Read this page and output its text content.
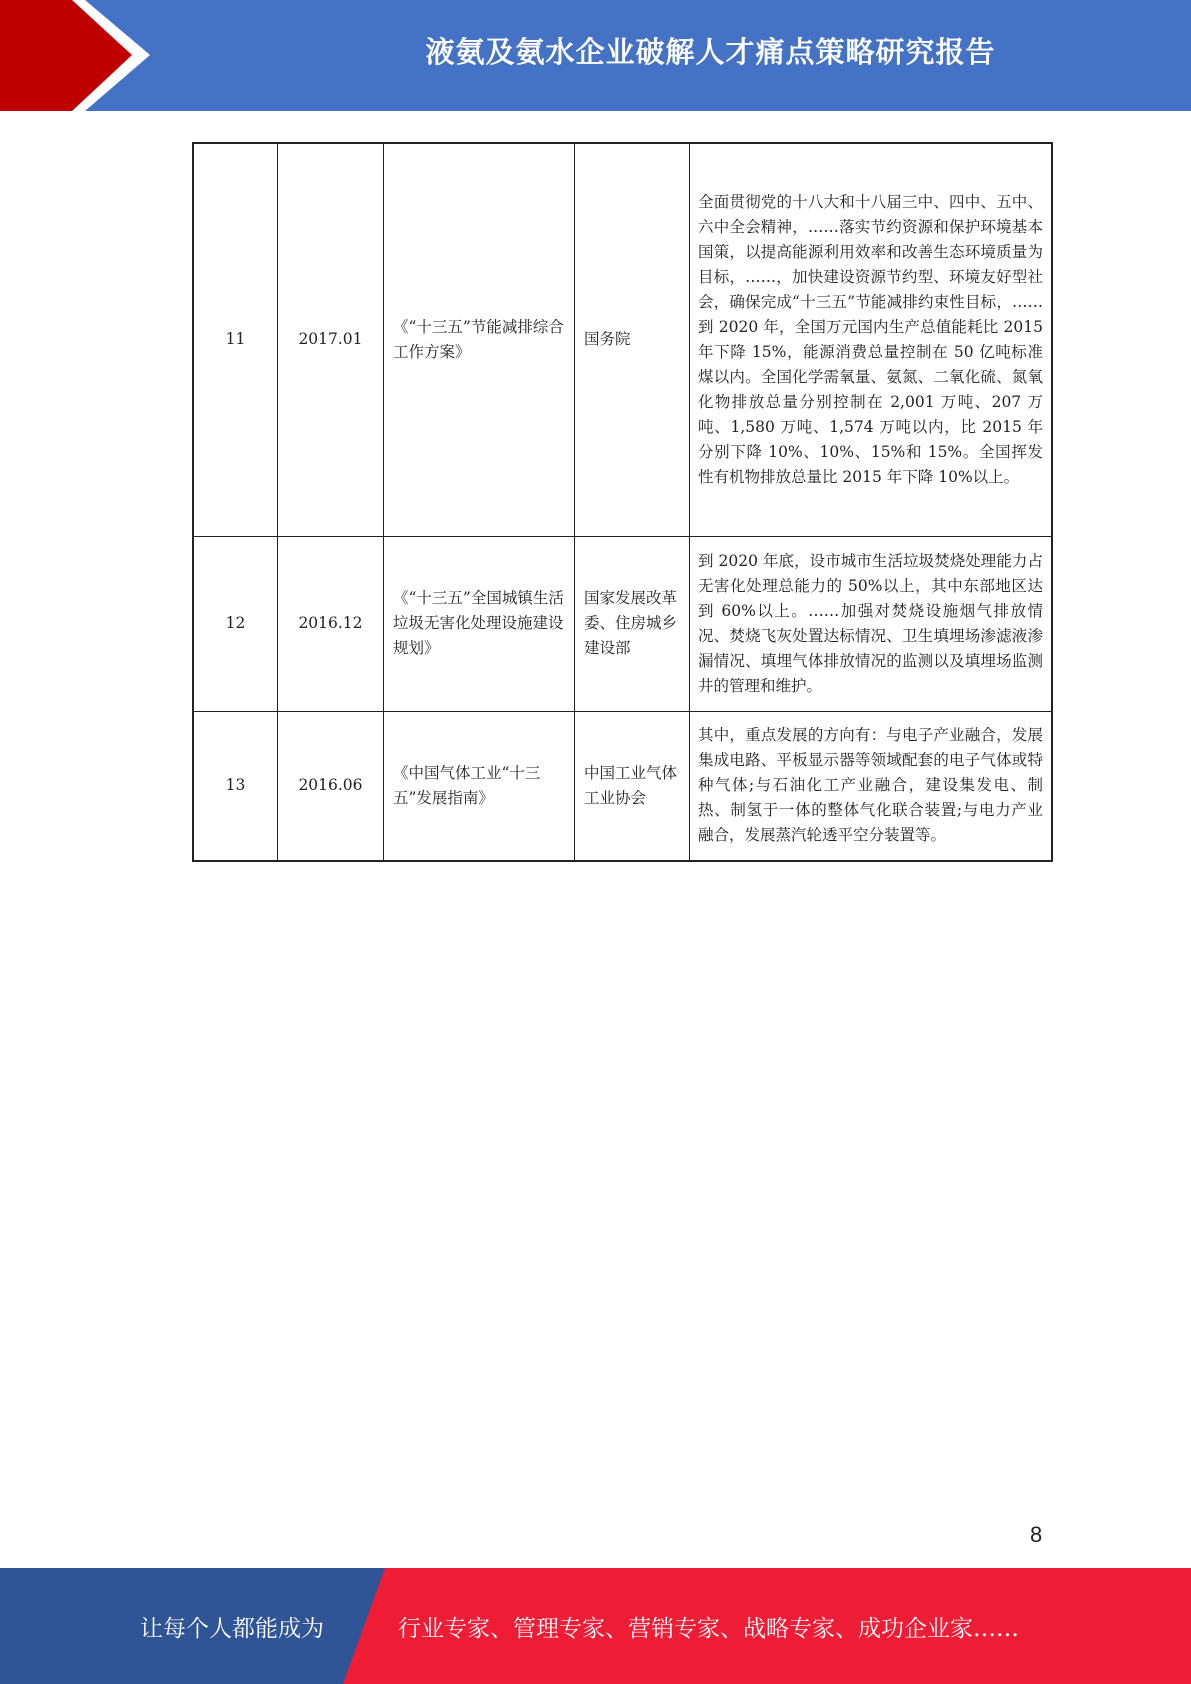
液氨及氨水企业破解人才痛点策略研究报告
11	2017.01	《“十三五”节能减排综合工作方案》	国务院	全面贯彻党的十八大和十八届三中、四中、五中、六中全会精神，……落实节约资源和保护环境基本国策，以提高能源利用效率和改善生态环境质量为目标，……，加快建设资源节约型、环境友好型社会，确保完成“十三五”节能减排约束性目标，……到 2020 年，全国万元国内生产总值能耗比 2015 年下降 15%，能源消费总量控制在 50 亿吨标准煤以内。全国化学需氧量、氨氮、二氧化硫、氮氧化物排放总量分别控制在 2,001 万吨、207 万吨、1,580 万吨、1,574 万吨以内，比 2015 年分别下降 10%、10%、15%和 15%。全国挥发性有机物排放总量比 2015 年下降 10%以上。
12	2016.12	《“十三五”全国城镇生活垃圾无害化处理设施建设规划》	国家发展改革委、住房城乡建设部	到 2020 年底，设市城市生活垃圾焚烧处理能力占无害化处理总能力的 50%以上，其中东部地区达到 60%以上。……加强对焚烧设施烟气排放情况、焚烧飞灰处置达标情况、卫生填埋场渗滤液渗漏情况、填埋气体排放情况的监测以及填埋场监测井的管理和维护。
13	2016.06	《中国气体工业“十三五”发展指南》	中国工业气体工业协会	其中，重点发展的方向有：与电子产业融合，发展集成电路、平板显示器等领域配套的电子气体或特种气体;与石油化工产业融合，建设集发电、制热、制氢于一体的整体气化联合装置;与电力产业融合，发展蒸汽轮透平空分装置等。
8
让每个人都能成为	行业专家、管理专家、营销专家、战略专家、成功企业家……
